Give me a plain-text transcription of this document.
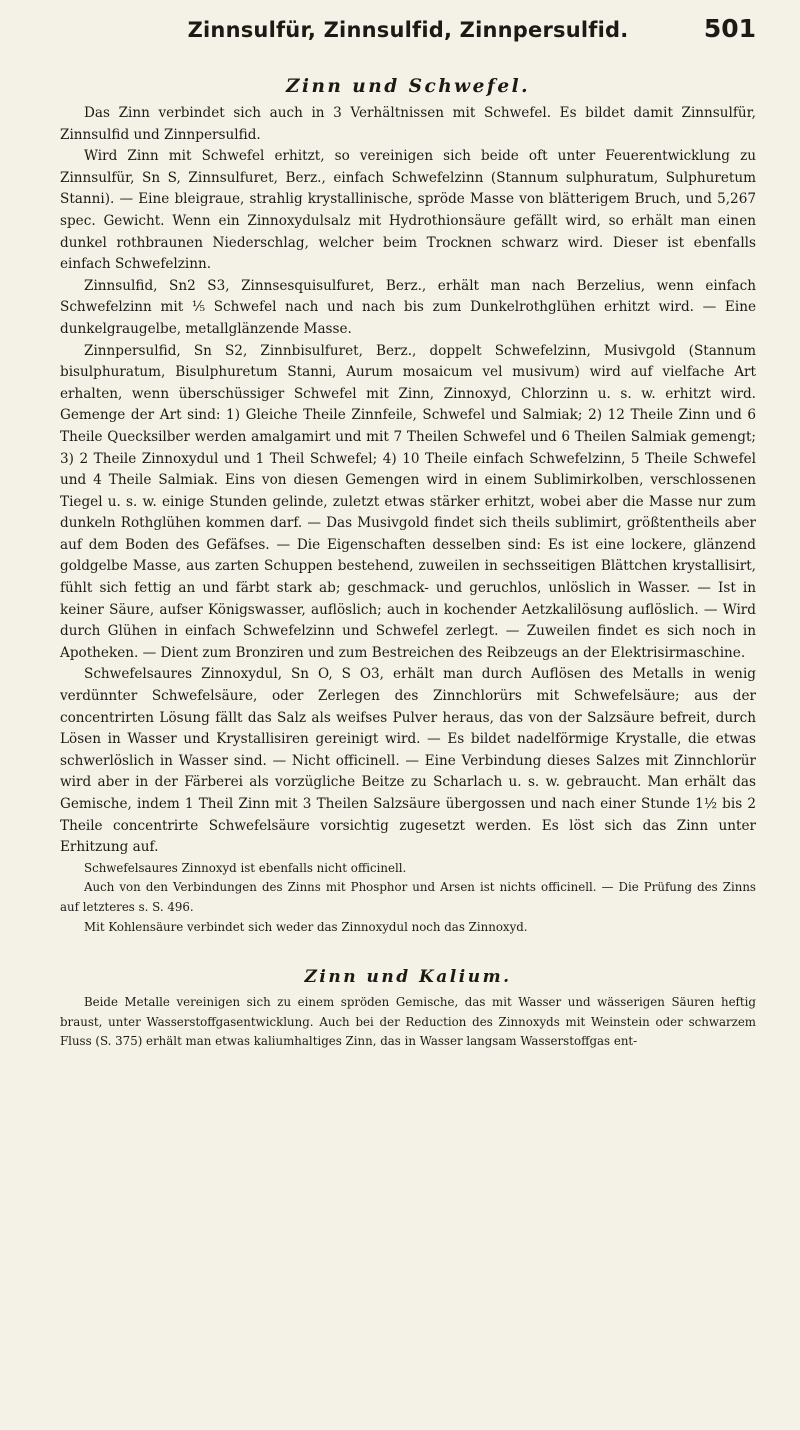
Zinnsulfür, Zinnsulfid, Zinnpersulfid.	501
Zinn und Schwefel.

Das Zinn verbindet sich auch in 3 Verhältnissen mit Schwefel. Es bildet damit Zinnsulfür, Zinnsulfid und Zinnpersulfid.

Wird Zinn mit Schwefel erhitzt, so vereinigen sich beide oft unter Feuerentwicklung zu Zinnsulfür, Sn S, Zinnsulfuret, Berz., einfach Schwefelzinn (Stannum sulphuratum, Sulphuretum Stanni). — Eine bleigraue, strahlig krystallinische, spröde Masse von blätterigem Bruch, und 5,267 spec. Gewicht. Wenn ein Zinnoxydulsalz mit Hydrothionsäure gefällt wird, so erhält man einen dunkel rothbraunen Niederschlag, welcher beim Trocknen schwarz wird. Dieser ist ebenfalls einfach Schwefelzinn.

Zinnsulfid, Sn2 S3, Zinnsesquisulfuret, Berz., erhält man nach Berzelius, wenn einfach Schwefelzinn mit ⅕ Schwefel nach und nach bis zum Dunkelrothglühen erhitzt wird. — Eine dunkelgraugelbe, metallglänzende Masse.

Zinnpersulfid, Sn S2, Zinnbisulfuret, Berz., doppelt Schwefelzinn, Musivgold (Stannum bisulphuratum, Bisulphuretum Stanni, Aurum mosaicum vel musivum) wird auf vielfache Art erhalten, wenn überschüssiger Schwefel mit Zinn, Zinnoxyd, Chlorzinn u. s. w. erhitzt wird. Gemenge der Art sind: 1) Gleiche Theile Zinnfeile, Schwefel und Salmiak; 2) 12 Theile Zinn und 6 Theile Quecksilber werden amalgamirt und mit 7 Theilen Schwefel und 6 Theilen Salmiak gemengt; 3) 2 Theile Zinnoxydul und 1 Theil Schwefel; 4) 10 Theile einfach Schwefelzinn, 5 Theile Schwefel und 4 Theile Salmiak. Eins von diesen Gemengen wird in einem Sublimirkolben, verschlossenen Tiegel u. s. w. einige Stunden gelinde, zuletzt etwas stärker erhitzt, wobei aber die Masse nur zum dunkeln Rothglühen kommen darf. — Das Musivgold findet sich theils sublimirt, größtentheils aber auf dem Boden des Gefäfses. — Die Eigenschaften desselben sind: Es ist eine lockere, glänzend goldgelbe Masse, aus zarten Schuppen bestehend, zuweilen in sechsseitigen Blättchen krystallisirt, fühlt sich fettig an und färbt stark ab; geschmack- und geruchlos, unlöslich in Wasser. — Ist in keiner Säure, aufser Königswasser, auflöslich; auch in kochender Aetzkalilösung auflöslich. — Wird durch Glühen in einfach Schwefelzinn und Schwefel zerlegt. — Zuweilen findet es sich noch in Apotheken. — Dient zum Bronziren und zum Bestreichen des Reibzeugs an der Elektrisirmaschine.

Schwefelsaures Zinnoxydul, Sn O, S O3, erhält man durch Auflösen des Metalls in wenig verdünnter Schwefelsäure, oder Zerlegen des Zinnchlorürs mit Schwefelsäure; aus der concentrirten Lösung fällt das Salz als weifses Pulver heraus, das von der Salzsäure befreit, durch Lösen in Wasser und Krystallisiren gereinigt wird. — Es bildet nadelförmige Krystalle, die etwas schwerlöslich in Wasser sind. — Nicht officinell. — Eine Verbindung dieses Salzes mit Zinnchlorür wird aber in der Färberei als vorzügliche Beitze zu Scharlach u. s. w. gebraucht. Man erhält das Gemische, indem 1 Theil Zinn mit 3 Theilen Salzsäure übergossen und nach einer Stunde 1½ bis 2 Theile concentrirte Schwefelsäure vorsichtig zugesetzt werden. Es löst sich das Zinn unter Erhitzung auf.

Schwefelsaures Zinnoxyd ist ebenfalls nicht officinell.

Auch von den Verbindungen des Zinns mit Phosphor und Arsen ist nichts officinell. — Die Prüfung des Zinns auf letzteres s. S. 496.

Mit Kohlensäure verbindet sich weder das Zinnoxydul noch das Zinnoxyd.

Zinn und Kalium.

Beide Metalle vereinigen sich zu einem spröden Gemische, das mit Wasser und wässerigen Säuren heftig braust, unter Wasserstoffgasentwicklung. Auch bei der Reduction des Zinnoxyds mit Weinstein oder schwarzem Fluss (S. 375) erhält man etwas kaliumhaltiges Zinn, das in Wasser langsam Wasserstoffgas ent-
